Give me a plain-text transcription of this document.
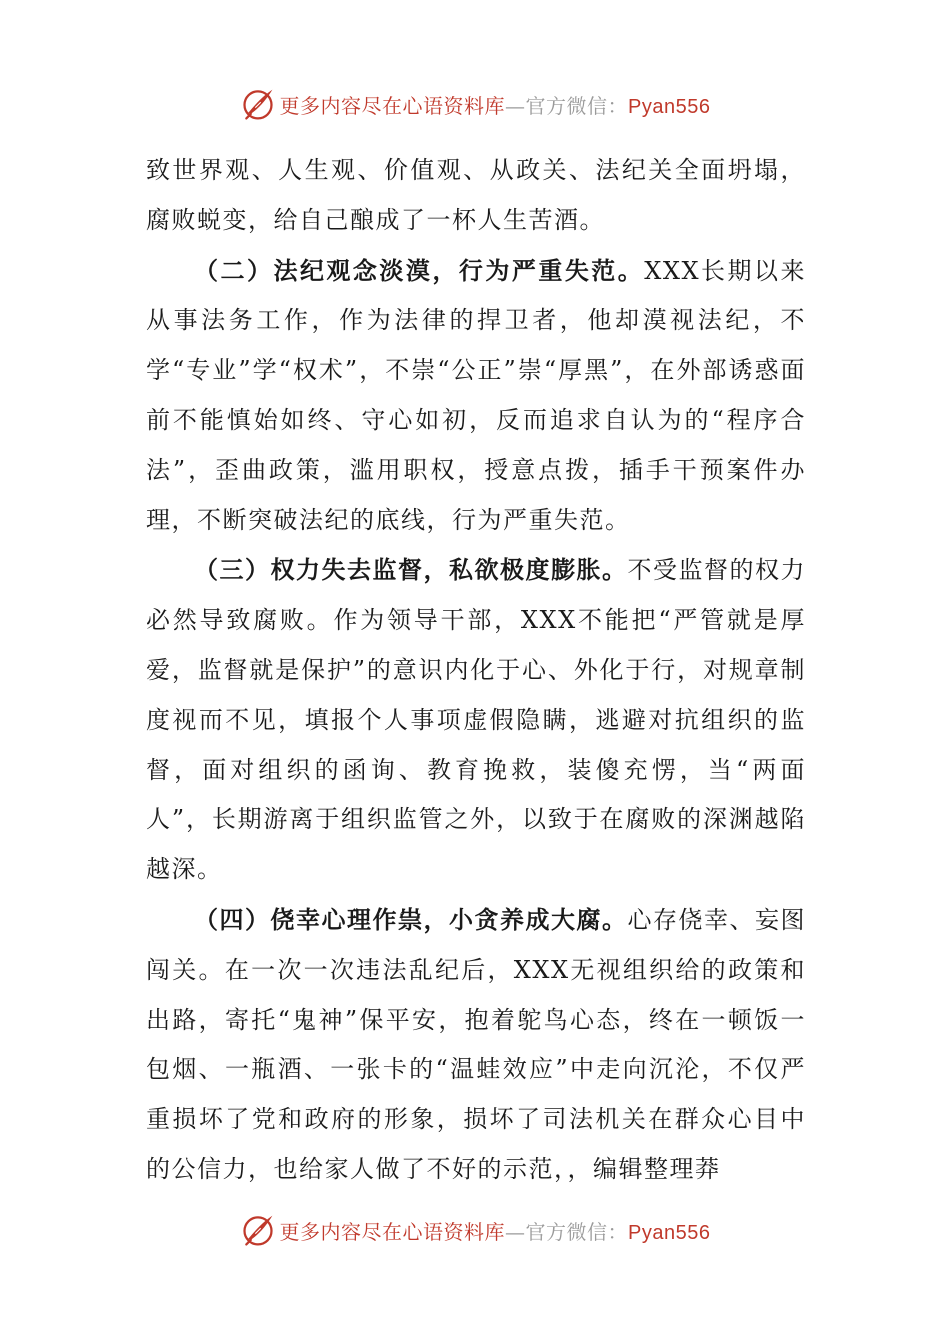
更多内容尽在心语资料库—官方微信：Pyan556

致世界观、人生观、价值观、从政关、法纪关全面坍塌，腐败蜕变，给自己酿成了一杯人生苦酒。

（二）法纪观念淡漠，行为严重失范。XXX长期以来从事法务工作，作为法律的捍卫者，他却漠视法纪，不学“专业”学“权术”，不崇“公正”崇“厚黑”，在外部诱惑面前不能慎始如终、守心如初，反而追求自认为的“程序合法”，歪曲政策，滥用职权，授意点拨，插手干预案件办理，不断突破法纪的底线，行为严重失范。

（三）权力失去监督，私欲极度膨胀。不受监督的权力必然导致腐败。作为领导干部，XXX不能把“严管就是厚爱，监督就是保护”的意识内化于心、外化于行，对规章制度视而不见，填报个人事项虚假隐瞒，逃避对抗组织的监督，面对组织的函询、教育挽救，装傻充愣，当“两面人”，长期游离于组织监管之外，以致于在腐败的深渊越陷越深。

（四）侥幸心理作祟，小贪养成大腐。心存侥幸、妄图闯关。在一次一次违法乱纪后，XXX无视组织给的政策和出路，寄托“鬼神”保平安，抱着鸵鸟心态，终在一顿饭一包烟、一瓶酒、一张卡的“温蛙效应”中走向沉沦，不仅严重损坏了党和政府的形象，损坏了司法机关在群众心目中的公信力，也给家人做了不好的示范，，编辑整理莽

更多内容尽在心语资料库—官方微信：Pyan556
